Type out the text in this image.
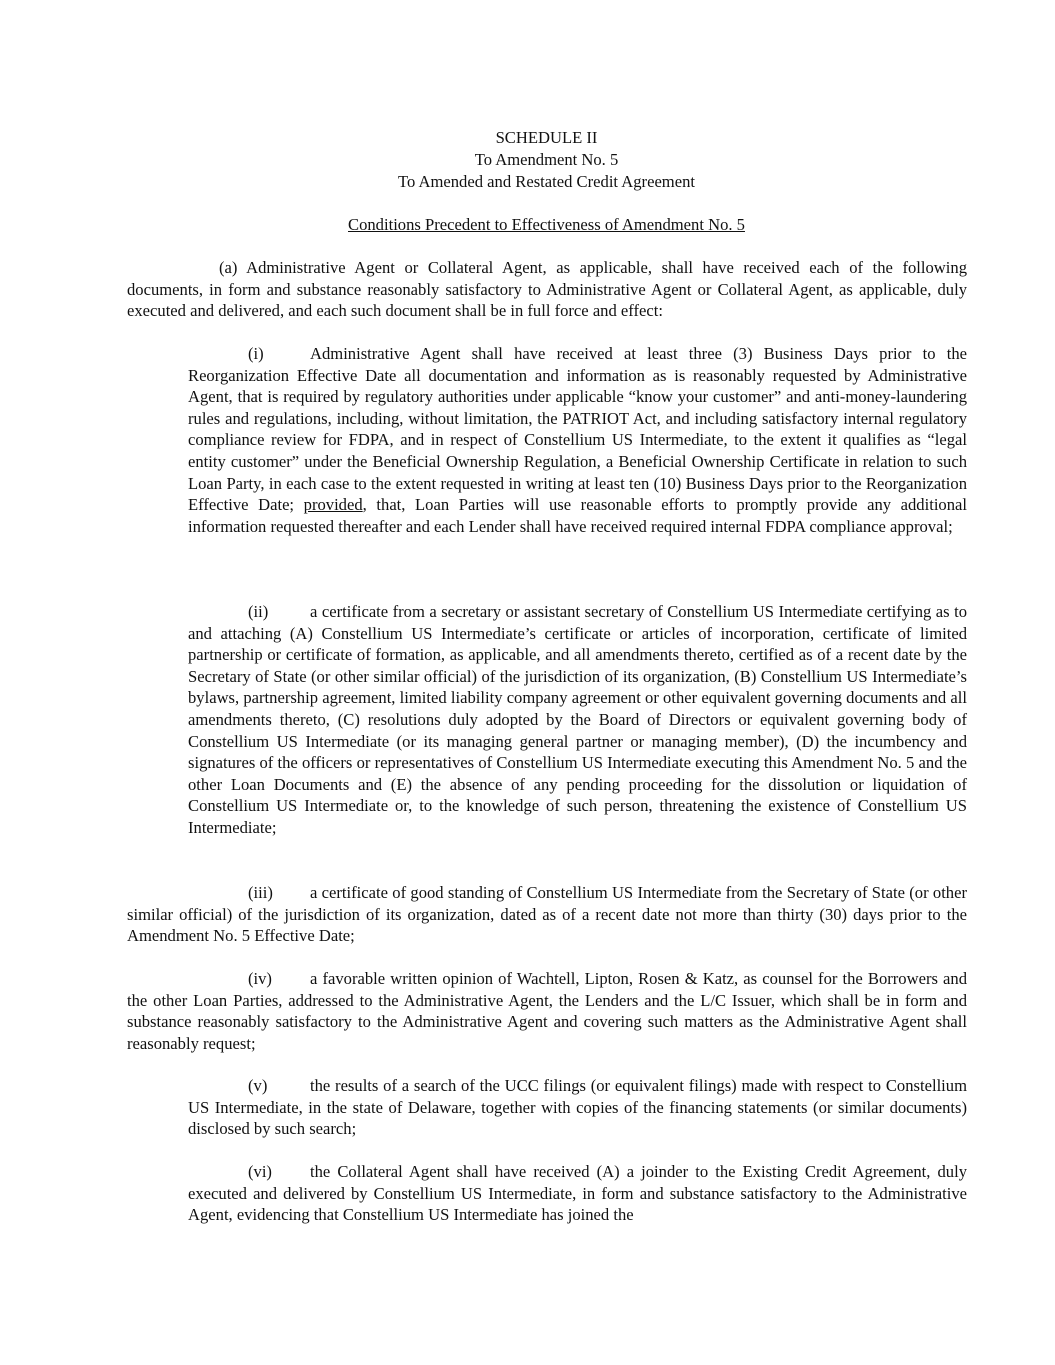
SCHEDULE II
To Amendment No. 5
To Amended and Restated Credit Agreement
Conditions Precedent to Effectiveness of Amendment No. 5

(a) Administrative Agent or Collateral Agent, as applicable, shall have received each of the following documents, in form and substance reasonably satisfactory to Administrative Agent or Collateral Agent, as applicable, duly executed and delivered, and each such document shall be in full force and effect:

(i)	Administrative Agent shall have received at least three (3) Business Days prior to the Reorganization Effective Date all documentation and information as is reasonably requested by Administrative Agent, that is required by regulatory authorities under applicable “know your customer” and anti-money-laundering rules and regulations, including, without limitation, the PATRIOT Act, and including satisfactory internal regulatory compliance review for FDPA, and in respect of Constellium US Intermediate, to the extent it qualifies as “legal entity customer” under the Beneficial Ownership Regulation, a Beneficial Ownership Certificate in relation to such Loan Party, in each case to the extent requested in writing at least ten (10) Business Days prior to the Reorganization Effective Date; provided, that, Loan Parties will use reasonable efforts to promptly provide any additional information requested thereafter and each Lender shall have received required internal FDPA compliance approval;

(ii)	a certificate from a secretary or assistant secretary of Constellium US Intermediate certifying as to and attaching (A) Constellium US Intermediate’s certificate or articles of incorporation, certificate of limited partnership or certificate of formation, as applicable, and all amendments thereto, certified as of a recent date by the Secretary of State (or other similar official) of the jurisdiction of its organization, (B) Constellium US Intermediate’s bylaws, partnership agreement, limited liability company agreement or other equivalent governing documents and all amendments thereto, (C) resolutions duly adopted by the Board of Directors or equivalent governing body of Constellium US Intermediate (or its managing general partner or managing member), (D) the incumbency and signatures of the officers or representatives of Constellium US Intermediate executing this Amendment No. 5 and the other Loan Documents and (E) the absence of any pending proceeding for the dissolution or liquidation of Constellium US Intermediate or, to the knowledge of such person, threatening the existence of Constellium US Intermediate;

(iii) a certificate of good standing of Constellium US Intermediate from the Secretary of State (or other similar official) of the jurisdiction of its organization, dated as of a recent date not more than thirty (30) days prior to the Amendment No. 5 Effective Date;

(iv) a favorable written opinion of Wachtell, Lipton, Rosen & Katz, as counsel for the Borrowers and the other Loan Parties, addressed to the Administrative Agent, the Lenders and the L/C Issuer, which shall be in form and substance reasonably satisfactory to the Administrative Agent and covering such matters as the Administrative Agent shall reasonably request;

(v)	the results of a search of the UCC filings (or equivalent filings) made with respect to Constellium US Intermediate, in the state of Delaware, together with copies of the financing statements (or similar documents) disclosed by such search;

(vi) the Collateral Agent shall have received (A) a joinder to the Existing Credit Agreement, duly executed and delivered by Constellium US Intermediate, in form and substance satisfactory to the Administrative Agent, evidencing that Constellium US Intermediate has joined the
